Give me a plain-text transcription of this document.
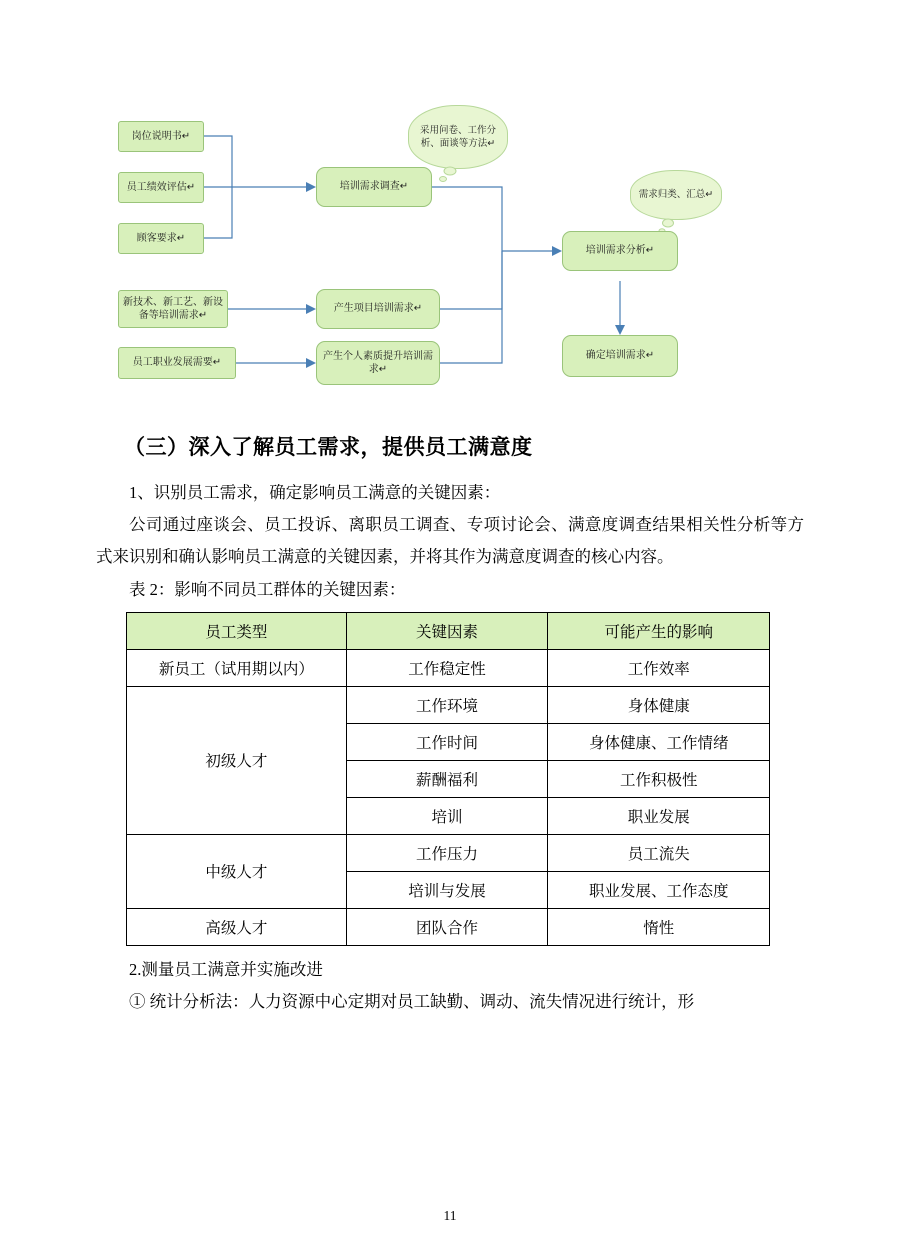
采用问卷、工作分析、面谈等方法↵
需求归类、汇总↵
岗位说明书↵
员工绩效评估↵
顾客要求↵
新技术、新工艺、新设备等培训需求↵
员工职业发展需要↵
培训需求调查↵
产生项目培训需求↵
产生个人素质提升培训需求↵
培训需求分析↵
确定培训需求↵
（三）深入了解员工需求，提供员工满意度

1、识别员工需求，确定影响员工满意的关键因素：

公司通过座谈会、员工投诉、离职员工调查、专项讨论会、满意度调查结果相关性分析等方式来识别和确认影响员工满意的关键因素，并将其作为满意度调查的核心内容。

表 2：影响不同员工群体的关键因素：

员工类型	关键因素	可能产生的影响
新员工（试用期以内）	工作稳定性	工作效率
初级人才	工作环境	身体健康
	工作时间	身体健康、工作情绪
	薪酬福利	工作积极性
	培训	职业发展
中级人才	工作压力	员工流失
	培训与发展	职业发展、工作态度
高级人才	团队合作	惰性

2.测量员工满意并实施改进

① 统计分析法：人力资源中心定期对员工缺勤、调动、流失情况进行统计，形

11
